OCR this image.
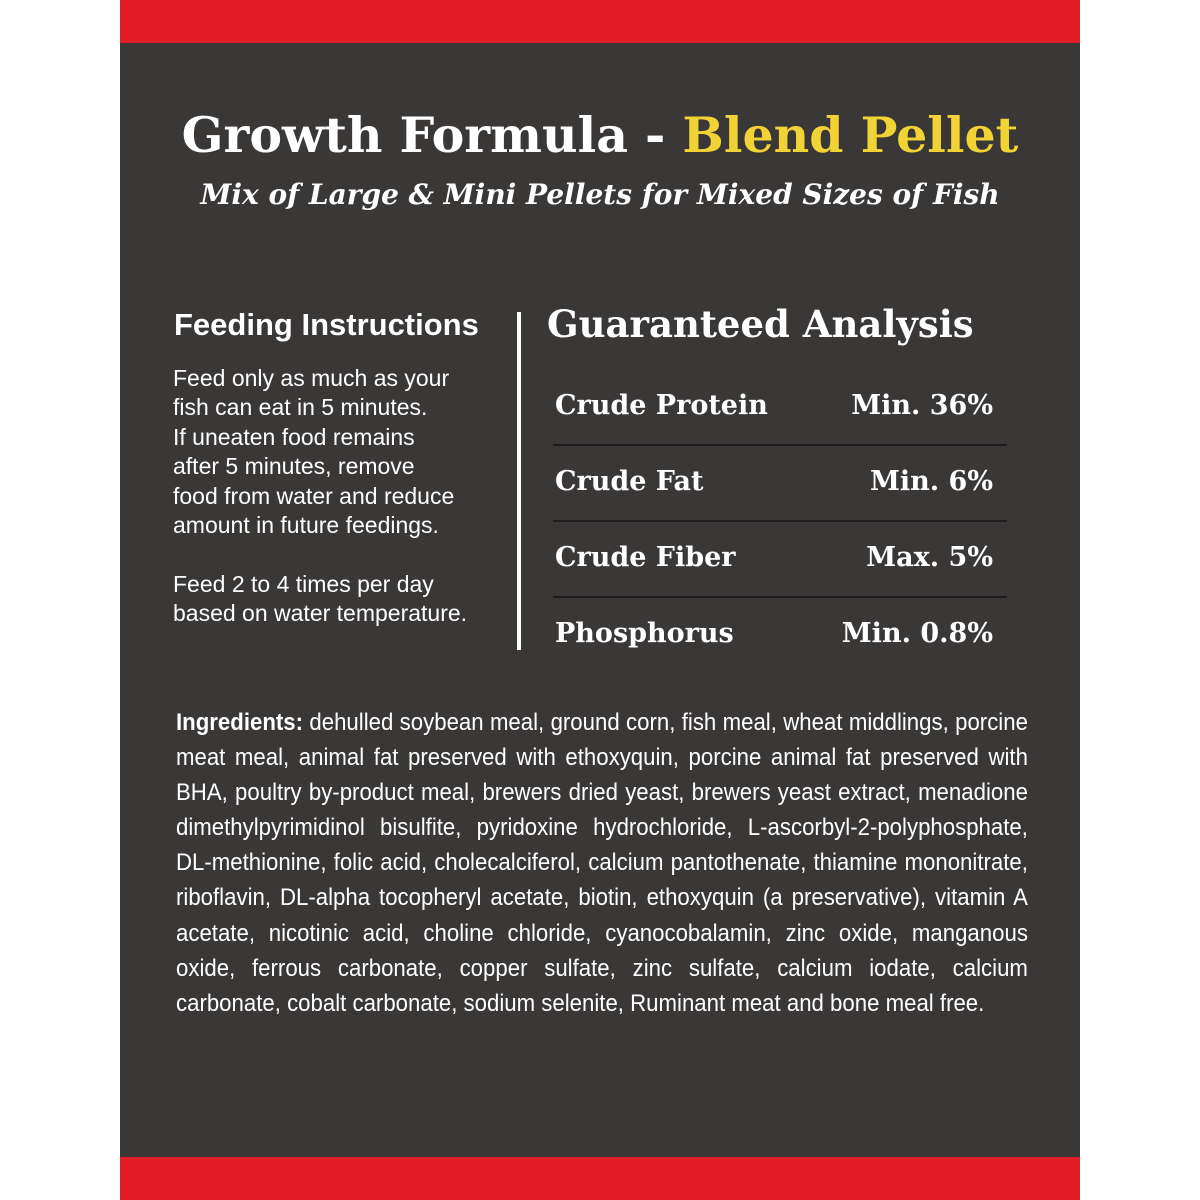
Growth Formula - Blend Pellet
Mix of Large & Mini Pellets for Mixed Sizes of Fish
Feeding Instructions

Feed only as much as your
fish can eat in 5 minutes.
If uneaten food remains
after 5 minutes, remove
food from water and reduce
amount in future feedings.

Feed 2 to 4 times per day
based on water temperature.

Guaranteed Analysis
Crude Protein	Min. 36%
Crude Fat	Min. 6%
Crude Fiber	Max. 5%
Phosphorus	Min. 0.8%

Ingredients: dehulled soybean meal, ground corn, fish meal, wheat middlings, porcine meat meal, animal fat preserved with ethoxyquin, porcine animal fat preserved with BHA, poultry by-product meal, brewers dried yeast, brewers yeast extract, menadione dimethylpyrimidinol bisulfite, pyridoxine hydrochloride, L-ascorbyl-2-polyphosphate, DL-methionine, folic acid, cholecalciferol, calcium pantothenate, thiamine mononitrate, riboflavin, DL-alpha tocopheryl acetate, biotin, ethoxyquin (a preservative), vitamin A acetate, nicotinic acid, choline chloride, cyanocobalamin, zinc oxide, manganous oxide, ferrous carbonate, copper sulfate, zinc sulfate, calcium iodate, calcium carbonate, cobalt carbonate, sodium selenite, Ruminant meat and bone meal free.
